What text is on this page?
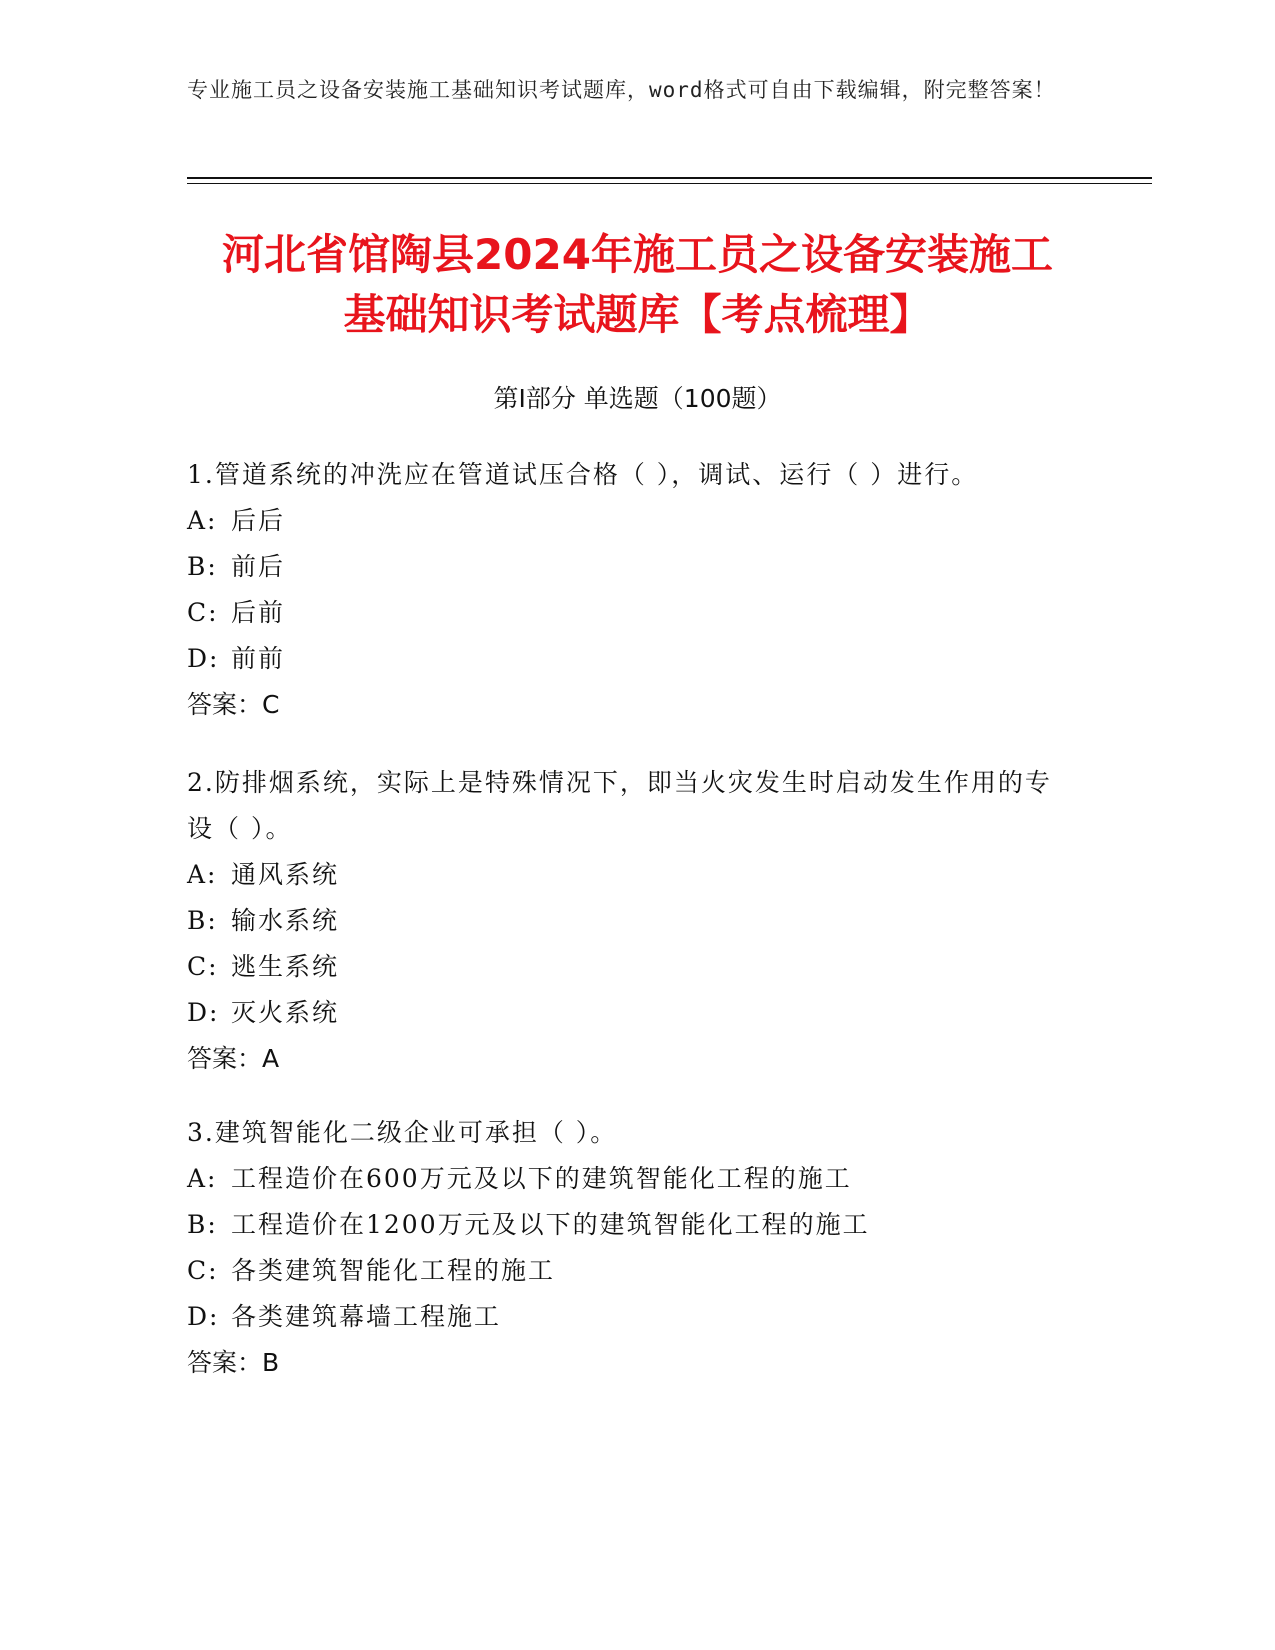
专业施工员之设备安装施工基础知识考试题库，word格式可自由下载编辑，附完整答案！
河北省馆陶县2024年施工员之设备安装施工
基础知识考试题库【考点梳理】
第Ⅰ部分 单选题（100题）
1.管道系统的冲洗应在管道试压合格（ ），调试、运行（ ）进行。
A: 后后
B: 前后
C: 后前
D: 前前
答案：C
2.防排烟系统，实际上是特殊情况下，即当火灾发生时启动发生作用的专设（ ）。
A: 通风系统
B: 输水系统
C: 逃生系统
D: 灭火系统
答案：A
3.建筑智能化二级企业可承担（ ）。
A: 工程造价在600万元及以下的建筑智能化工程的施工
B: 工程造价在1200万元及以下的建筑智能化工程的施工
C: 各类建筑智能化工程的施工
D: 各类建筑幕墙工程施工
答案：B
